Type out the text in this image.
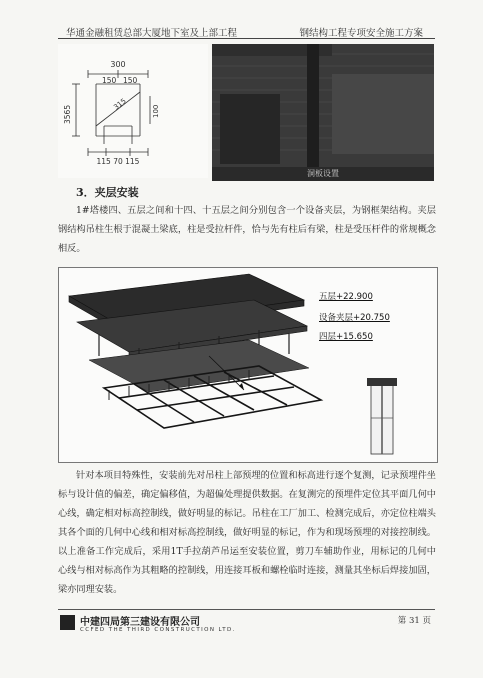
华通金融租赁总部大厦地下室及上部工程	钢结构工程专项安全施工方案
300
150 150
315
3565	100
115 70 115
洞板设置
3．夹层安装
1#塔楼四、五层之间和十四、十五层之间分别包含一个设备夹层，为钢框架结构。夹层钢结构吊柱生根于混凝土梁底，柱是受拉杆件，恰与先有柱后有梁，柱是受压杆件的常规概念相反。
五层+22.900
设备夹层+20.750
四层+15.650
针对本项目特殊性，安装前先对吊柱上部预埋的位置和标高进行逐个复测，记录预埋件坐标与设计值的偏差，确定偏移值，为超偏处理提供数据。在复测完的预埋件定位其平面几何中心线，确定相对标高控制线，做好明显的标记。吊柱在工厂加工、检测完成后，亦定位柱端头其各个面的几何中心线和相对标高控制线，做好明显的标记，作为和现场预埋的对接控制线。以上准备工作完成后，采用1T手拉葫芦吊运至安装位置，剪刀车辅助作业，用标记的几何中心线与相对标高作为其粗略的控制线，用连接耳板和螺栓临时连接，测量其坐标后焊接加固，梁亦同理安装。
中建四局第三建设有限公司
CCFED THE THIRD CONSTRUCTION LTD.
第 31 页
